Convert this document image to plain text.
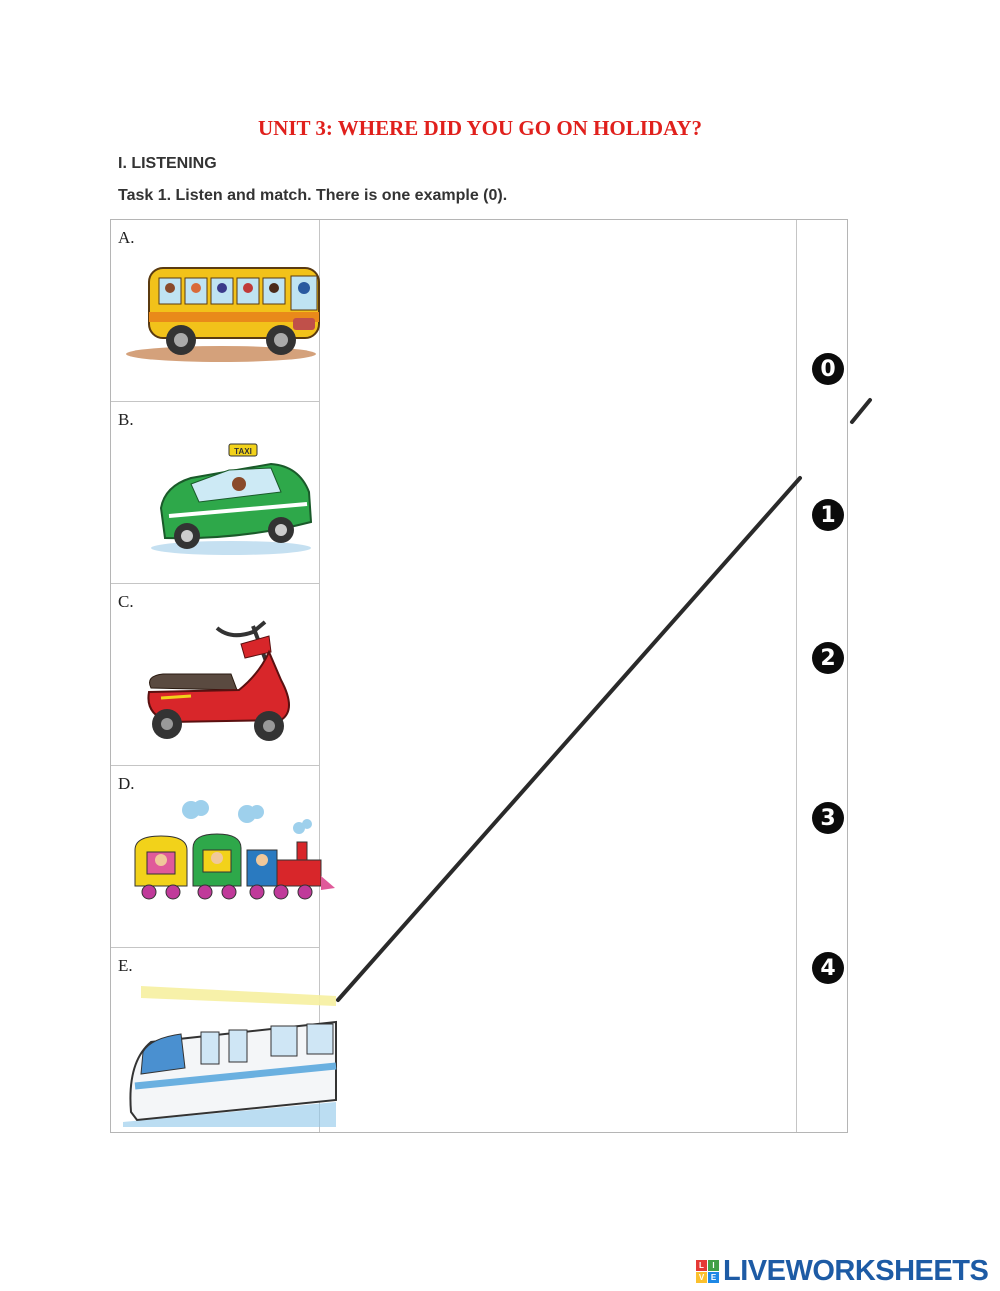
UNIT 3: WHERE DID YOU GO ON HOLIDAY?
I. LISTENING
Task 1. Listen and match. There is one example (0).
A.
B.
TAXI
C.
D.
E.
0
1
2
3
4
L	I
V E LIVEWORKSHEETS
